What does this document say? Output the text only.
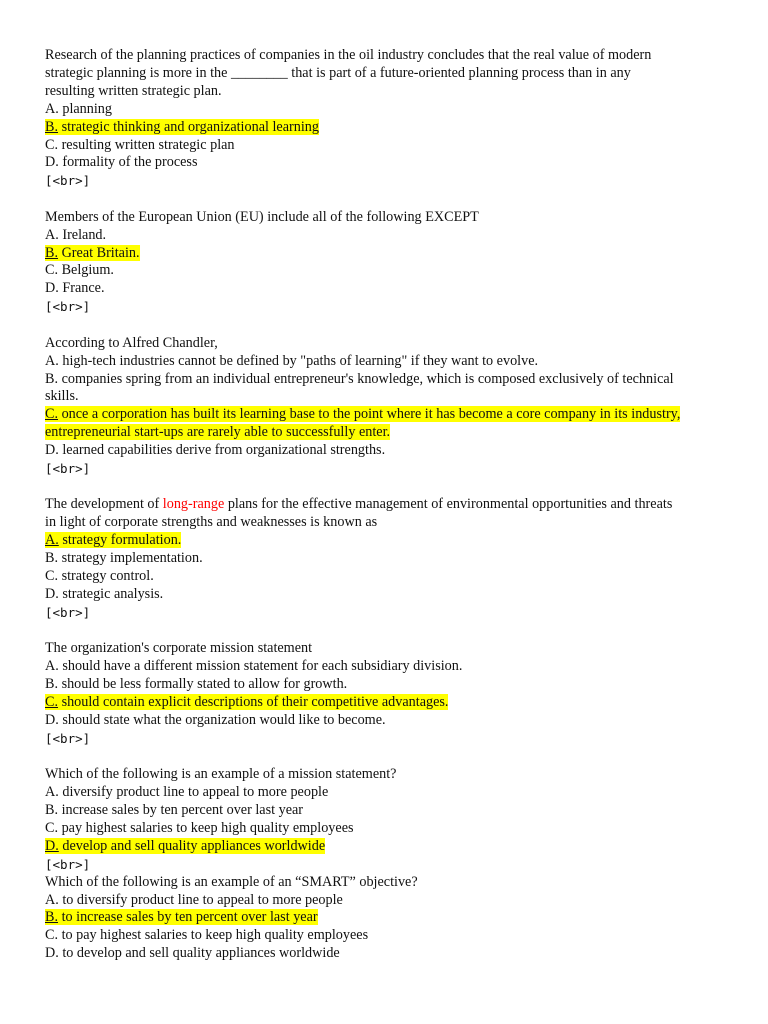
Research of the planning practices of companies in the oil industry concludes that the real value of modern
strategic planning is more in the ________ that is part of a future-oriented planning process than in any
resulting written strategic plan.
A. planning
B. strategic thinking and organizational learning
C. resulting written strategic plan
D. formality of the process
[<br>]
Members of the European Union (EU) include all of the following EXCEPT
A. Ireland.
B. Great Britain.
C. Belgium.
D. France.
[<br>]
According to Alfred Chandler,
A. high-tech industries cannot be defined by "paths of learning" if they want to evolve.
B. companies spring from an individual entrepreneur's knowledge, which is composed exclusively of technical
skills.
C. once a corporation has built its learning base to the point where it has become a core company in its industry,
entrepreneurial start-ups are rarely able to successfully enter.
D. learned capabilities derive from organizational strengths.
[<br>]
The development of long-range plans for the effective management of environmental opportunities and threats
in light of corporate strengths and weaknesses is known as
A. strategy formulation.
B. strategy implementation.
C. strategy control.
D. strategic analysis.
[<br>]
The organization's corporate mission statement
A. should have a different mission statement for each subsidiary division.
B. should be less formally stated to allow for growth.
C. should contain explicit descriptions of their competitive advantages.
D. should state what the organization would like to become.
[<br>]
Which of the following is an example of a mission statement?
A. diversify product line to appeal to more people
B. increase sales by ten percent over last year
C. pay highest salaries to keep high quality employees
D. develop and sell quality appliances worldwide
[<br>]
Which of the following is an example of an “SMART” objective?
A. to diversify product line to appeal to more people
B. to increase sales by ten percent over last year
C. to pay highest salaries to keep high quality employees
D. to develop and sell quality appliances worldwide
